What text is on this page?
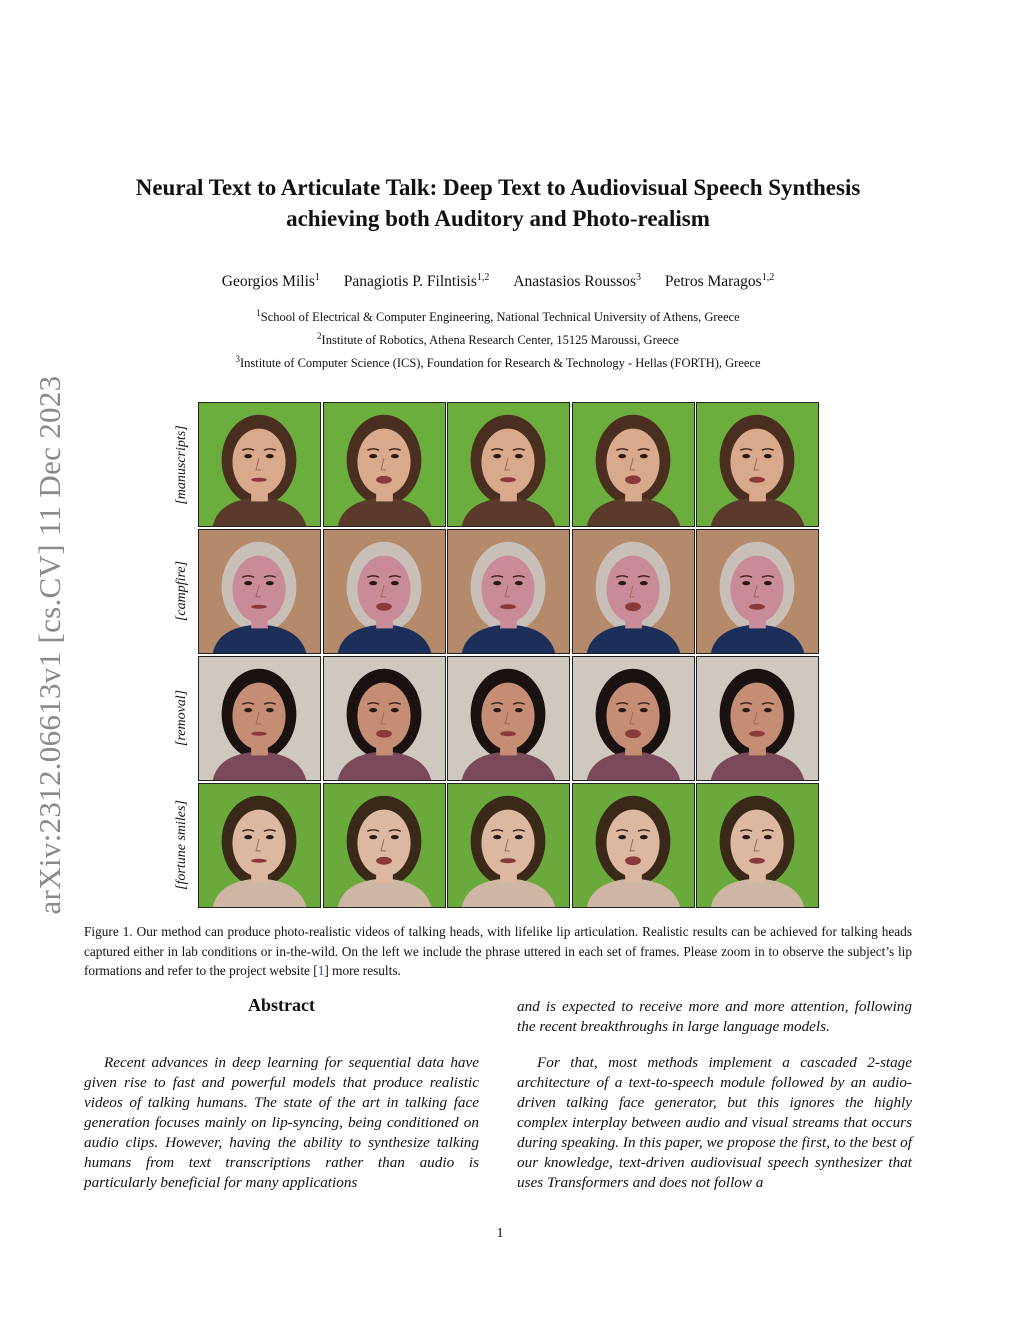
arXiv:2312.06613v1 [cs.CV] 11 Dec 2023
Neural Text to Articulate Talk: Deep Text to Audiovisual Speech Synthesis
achieving both Auditory and Photo-realism
Georgios Milis$^1$ Panagiotis P. Filntisis$^{1,2}$ Anastasios Roussos$^3$ Petros Maragos$^{1,2}$
$^1$School of Electrical & Computer Engineering, National Technical University of Athens, Greece
$^2$Institute of Robotics, Athena Research Center, 15125 Maroussi, Greece
$^3$Institute of Computer Science (ICS), Foundation for Research & Technology - Hellas (FORTH), Greece
[manuscripts]
[campfire]
[removal]
[fortune smiles]
Figure 1. Our method can produce photo-realistic videos of talking heads, with lifelike lip articulation. Realistic results can be achieved for talking heads captured either in lab conditions or in-the-wild. On the left we include the phrase uttered in each set of frames. Please zoom in to observe the subject’s lip formations and refer to the project website [1] more results.
Abstract

Recent advances in deep learning for sequential data have given rise to fast and powerful models that produce realistic videos of talking humans. The state of the art in talking face generation focuses mainly on lip-syncing, being conditioned on audio clips. However, having the ability to synthesize talking humans from text transcriptions rather than audio is particularly beneficial for many applications

and is expected to receive more and more attention, following the recent breakthroughs in large language models.

For that, most methods implement a cascaded 2-stage architecture of a text-to-speech module followed by an audio-driven talking face generator, but this ignores the highly complex interplay between audio and visual streams that occurs during speaking. In this paper, we propose the first, to the best of our knowledge, text-driven audiovisual speech synthesizer that uses Transformers and does not follow a

1
